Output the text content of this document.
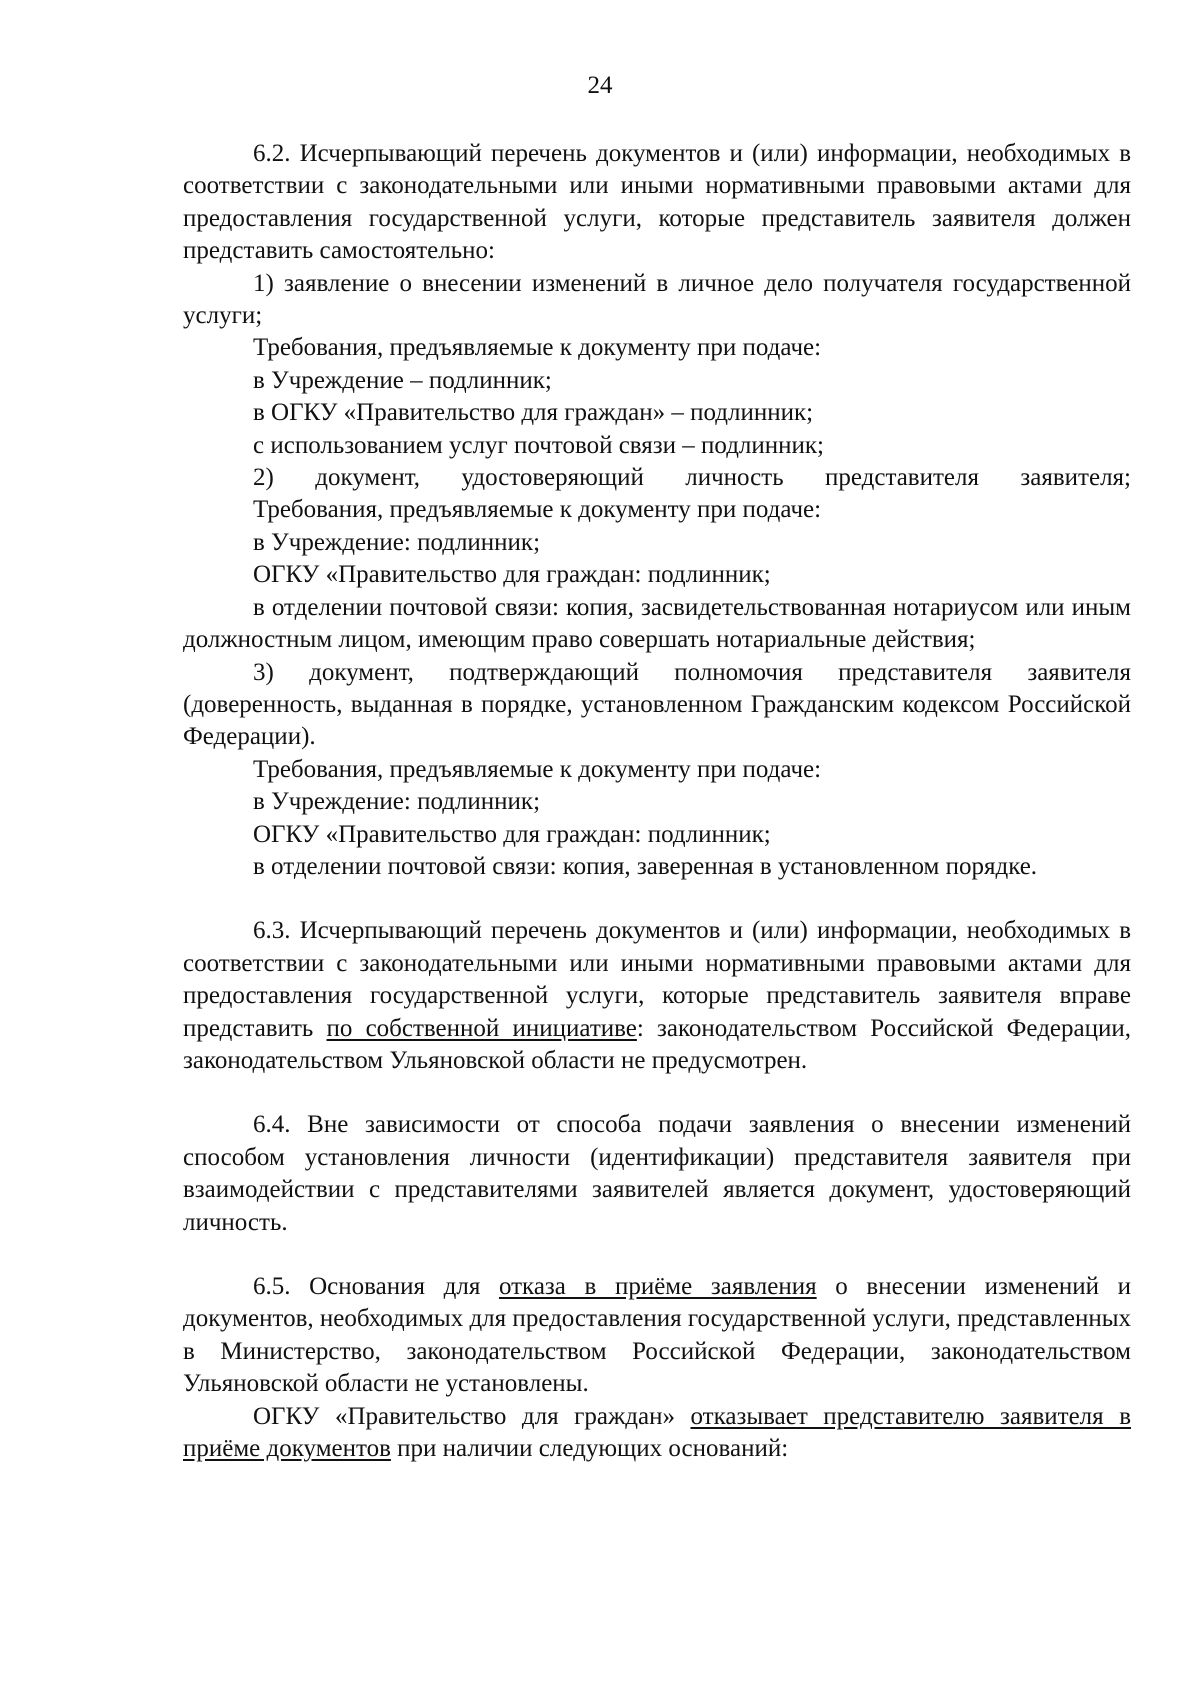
24

6.2. Исчерпывающий перечень документов и (или) информации, необходимых в соответствии с законодательными или иными нормативными правовыми актами для предоставления государственной услуги, которые представитель заявителя должен представить самостоятельно:

1) заявление о внесении изменений в личное дело получателя государственной услуги;

Требования, предъявляемые к документу при подаче:

в Учреждение – подлинник;

в ОГКУ «Правительство для граждан» – подлинник;

с использованием услуг почтовой связи – подлинник;

2) документ, удостоверяющий личность представителя заявителя;

Требования, предъявляемые к документу при подаче:

в Учреждение: подлинник;

ОГКУ «Правительство для граждан: подлинник;

в отделении почтовой связи: копия, засвидетельствованная нотариусом или иным должностным лицом, имеющим право совершать нотариальные действия;

3) документ, подтверждающий полномочия представителя заявителя (доверенность, выданная в порядке, установленном Гражданским кодексом Российской Федерации).

Требования, предъявляемые к документу при подаче:

в Учреждение: подлинник;

ОГКУ «Правительство для граждан: подлинник;

в отделении почтовой связи: копия, заверенная в установленном порядке.

6.3. Исчерпывающий перечень документов и (или) информации, необходимых в соответствии с законодательными или иными нормативными правовыми актами для предоставления государственной услуги, которые представитель заявителя вправе представить по собственной инициативе: законодательством Российской Федерации, законодательством Ульяновской области не предусмотрен.

6.4. Вне зависимости от способа подачи заявления о внесении изменений способом установления личности (идентификации) представителя заявителя при взаимодействии с представителями заявителей является документ, удостоверяющий личность.

6.5. Основания для отказа в приёме заявления о внесении изменений и документов, необходимых для предоставления государственной услуги, представленных в Министерство, законодательством Российской Федерации, законодательством Ульяновской области не установлены.

ОГКУ «Правительство для граждан» отказывает представителю заявителя в приёме документов при наличии следующих оснований:
